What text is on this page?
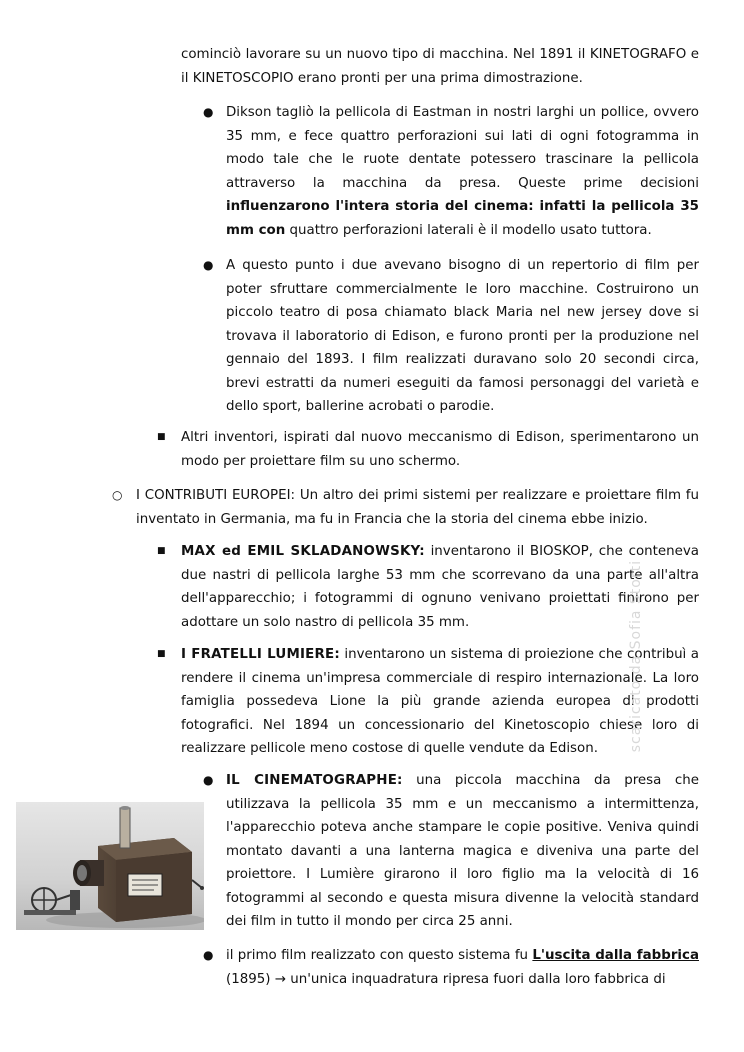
cominciò lavorare su un nuovo tipo di macchina. Nel 1891 il KINETOGRAFO e il KINETOSCOPIO erano pronti per una prima dimostrazione.

● Dikson tagliò la pellicola di Eastman in nostri larghi un pollice, ovvero 35 mm, e fece quattro perforazioni sui lati di ogni fotogramma in modo tale che le ruote dentate potessero trascinare la pellicola attraverso la macchina da presa. Queste prime decisioni influenzarono l'intera storia del cinema: infatti la pellicola 35 mm con quattro perforazioni laterali è il modello usato tuttora.

● A questo punto i due avevano bisogno di un repertorio di film per poter sfruttare commercialmente le loro macchine. Costruirono un piccolo teatro di posa chiamato black Maria nel new jersey dove si trovava il laboratorio di Edison, e furono pronti per la produzione nel gennaio del 1893. I film realizzati duravano solo 20 secondi circa, brevi estratti da numeri eseguiti da famosi personaggi del varietà e dello sport, ballerine acrobati o parodie.

■ Altri inventori, ispirati dal nuovo meccanismo di Edison, sperimentarono un modo per proiettare film su uno schermo.

○ I CONTRIBUTI EUROPEI: Un altro dei primi sistemi per realizzare e proiettare film fu inventato in Germania, ma fu in Francia che la storia del cinema ebbe inizio.

■ MAX ed EMIL SKLADANOWSKY: inventarono il BIOSKOP, che conteneva due nastri di pellicola larghe 53 mm che scorrevano da una parte all'altra dell'apparecchio; i fotogrammi di ognuno venivano proiettati finirono per adottare un solo nastro di pellicola 35 mm.

■ I FRATELLI LUMIERE: inventarono un sistema di proiezione che contribuì a rendere il cinema un'impresa commerciale di respiro internazionale. La loro famiglia possedeva Lione la più grande azienda europea di prodotti fotografici. Nel 1894 un concessionario del Kinetoscopio chiese loro di realizzare pellicole meno costose di quelle vendute da Edison.

● IL CINEMATOGRAPHE: una piccola macchina da presa che utilizzava la pellicola 35 mm e un meccanismo a intermittenza, l'apparecchio poteva anche stampare le copie positive. Veniva quindi montato davanti a una lanterna magica e diveniva una parte del proiettore. I Lumière girarono il loro figlio ma la velocità di 16 fotogrammi al secondo e questa misura divenne la velocità standard dei film in tutto il mondo per circa 25 anni.

● il primo film realizzato con questo sistema fu L'uscita dalla fabbrica (1895) → un'unica inquadratura ripresa fuori dalla loro fabbrica di

scaricato da Sofia Storti
